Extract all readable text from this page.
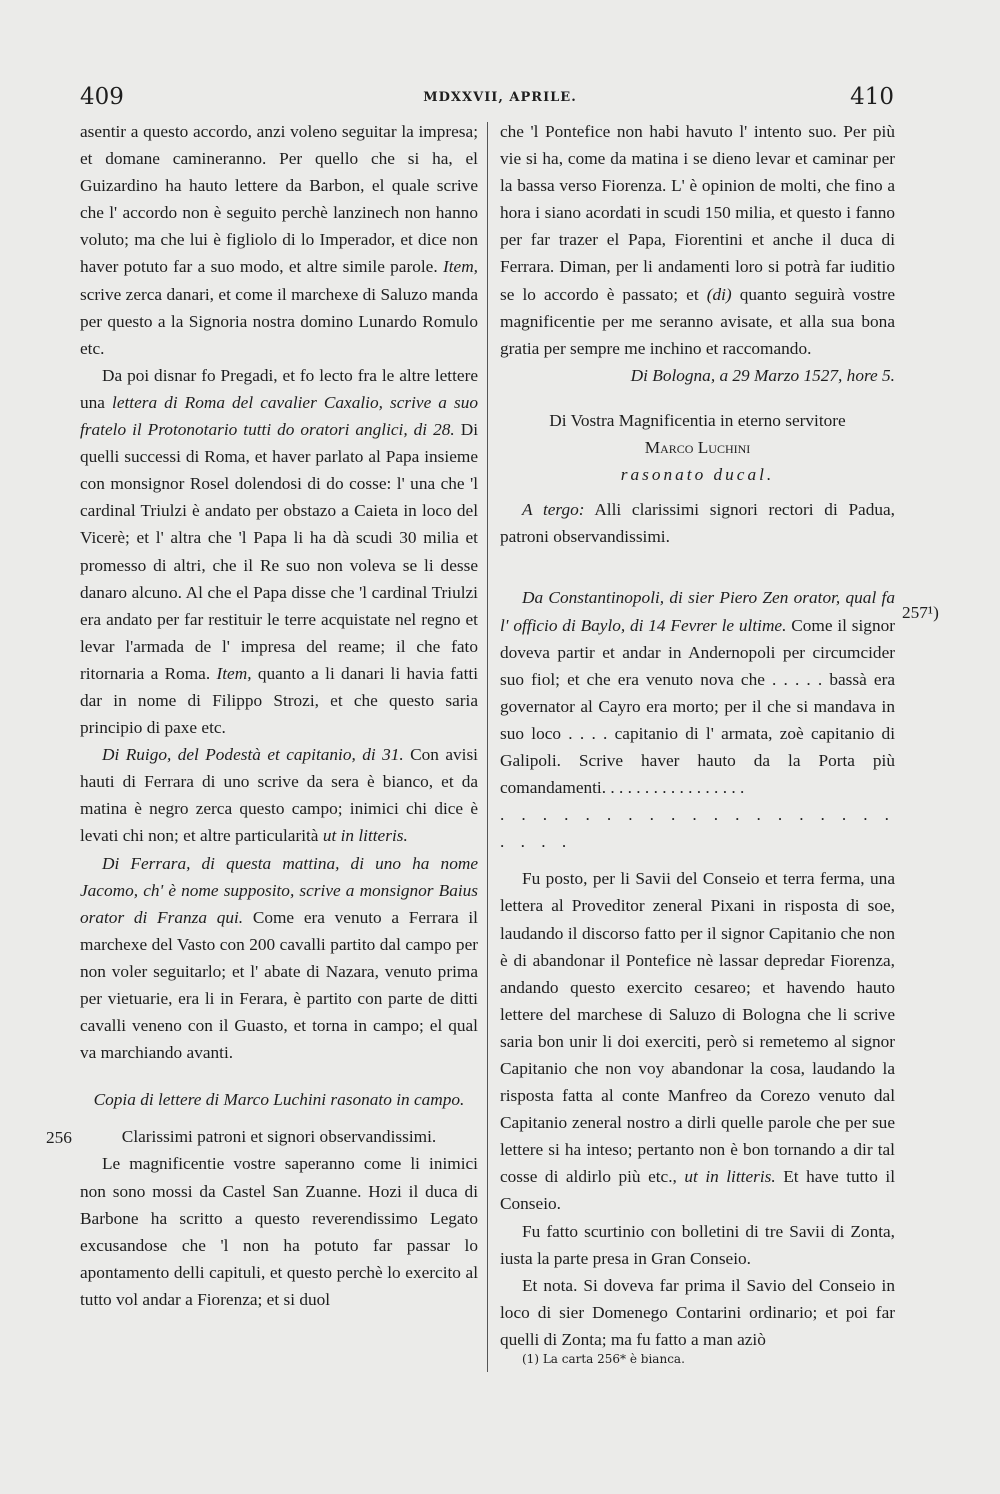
409	MDXXVII, APRILE.	410

asentir a questo accordo, anzi voleno seguitar la impresa; et domane camineranno. Per quello che si ha, el Guizardino ha hauto lettere da Barbon, el quale scrive che l' accordo non è seguito perchè lanzinech non hanno voluto; ma che lui è figliolo di lo Imperador, et dice non haver potuto far a suo modo, et altre simile parole. Item, scrive zerca danari, et come il marchexe di Saluzo manda per questo a la Signoria nostra domino Lunardo Romulo etc.

Da poi disnar fo Pregadi, et fo lecto fra le altre lettere una lettera di Roma del cavalier Caxalio, scrive a suo fratelo il Protonotario tutti do oratori anglici, di 28. Di quelli successi di Roma, et haver parlato al Papa insieme con monsignor Rosel dolendosi di do cosse: l' una che 'l cardinal Triulzi è andato per obstazo a Caieta in loco del Vicerè; et l' altra che 'l Papa li ha dà scudi 30 milia et promesso di altri, che il Re suo non voleva se li desse danaro alcuno. Al che el Papa disse che 'l cardinal Triulzi era andato per far restituir le terre acquistate nel regno et levar l'armada de l' impresa del reame; il che fato ritornaria a Roma. Item, quanto a li danari li havia fatti dar in nome di Filippo Strozi, et che questo saria principio di paxe etc.

Di Ruigo, del Podestà et capitanio, di 31. Con avisi hauti di Ferrara di uno scrive da sera è bianco, et da matina è negro zerca questo campo; inimici chi dice è levati chi non; et altre particularità ut in litteris.

Di Ferrara, di questa mattina, di uno ha nome Jacomo, ch' è nome supposito, scrive a monsignor Baius orator di Franza qui. Come era venuto a Ferrara il marchexe del Vasto con 200 cavalli partito dal campo per non voler seguitarlo; et l' abate di Nazara, venuto prima per vietuarie, era li in Ferara, è partito con parte de ditti cavalli veneno con il Guasto, et torna in campo; el qual va marchiando avanti.

Copia di lettere di Marco Luchini rasonato in campo.

Clarissimi patroni et signori observandissimi.

Le magnificentie vostre saperanno come li inimici non sono mossi da Castel San Zuanne. Hozi il duca di Barbone ha scritto a questo reverendissimo Legato excusandose che 'l non ha potuto far passar lo apontamento delli capituli, et questo perchè lo exercito al tutto vol andar a Fiorenza; et si duol

256

che 'l Pontefice non habi havuto l' intento suo. Per più vie si ha, come da matina i se dieno levar et caminar per la bassa verso Fiorenza. L' è opinion de molti, che fino a hora i siano acordati in scudi 150 milia, et questo i fanno per far trazer el Papa, Fiorentini et anche il duca di Ferrara. Diman, per li andamenti loro si potrà far iuditio se lo accordo è passato; et (di) quanto seguirà vostre magnificentie per me seranno avisate, et alla sua bona gratia per sempre me inchino et raccomando.

Di Bologna, a 29 Marzo 1527, hore 5.

Di Vostra Magnificentia in eterno servitore

Marco Luchini

rasonato ducal.

A tergo: Alli clarissimi signori rectori di Padua, patroni observandissimi.

Da Constantinopoli, di sier Piero Zen orator, qual fa l' officio di Baylo, di 14 Fevrer le ultime. Come il signor doveva partir et andar in Andernopoli per circumcider suo fiol; et che era venuto nova che . . . . . bassà era governator al Cayro era morto; per il che si mandava in suo loco . . . . capitanio di l' armata, zoè capitanio di Galipoli. Scrive haver hauto da la Porta più comandamenti. . . . . . . . . . . . . . . . .

. . . . . . . . . . . . . . . . . . . . . . .

Fu posto, per li Savii del Conseio et terra ferma, una lettera al Proveditor zeneral Pixani in risposta di soe, laudando il discorso fatto per il signor Capitanio che non è di abandonar il Pontefice nè lassar depredar Fiorenza, andando questo exercito cesareo; et havendo hauto lettere del marchese di Saluzo di Bologna che li scrive saria bon unir li doi exerciti, però si remetemo al signor Capitanio che non voy abandonar la cosa, laudando la risposta fatta al conte Manfreo da Corezo venuto dal Capitanio zeneral nostro a dirli quelle parole che per sue lettere si ha inteso; pertanto non è bon tornando a dir tal cosse di aldirlo più etc., ut in litteris. Et have tutto il Conseio.

Fu fatto scurtinio con bolletini di tre Savii di Zonta, iusta la parte presa in Gran Conseio.

Et nota. Si doveva far prima il Savio del Conseio in loco di sier Domenego Contarini ordinario; et poi far quelli di Zonta; ma fu fatto a man aziò

257¹)
(1) La carta 256* è bianca.
